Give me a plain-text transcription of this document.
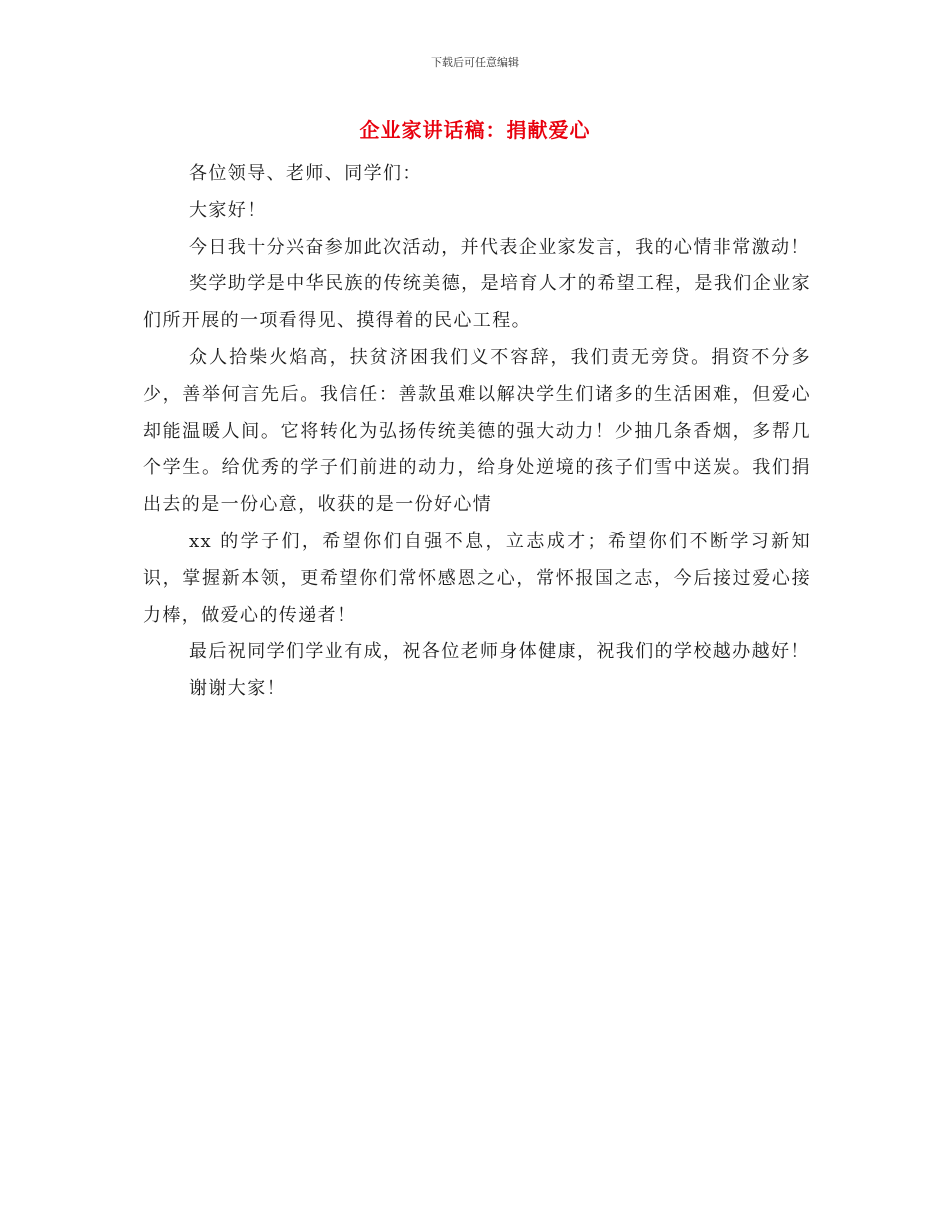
下载后可任意编辑
企业家讲话稿：捐献爱心

各位领导、老师、同学们：

大家好！

今日我十分兴奋参加此次活动，并代表企业家发言，我的心情非常激动！

奖学助学是中华民族的传统美德，是培育人才的希望工程，是我们企业家们所开展的一项看得见、摸得着的民心工程。

众人拾柴火焰高，扶贫济困我们义不容辞，我们责无旁贷。捐资不分多少，善举何言先后。我信任：善款虽难以解决学生们诸多的生活困难，但爱心却能温暖人间。它将转化为弘扬传统美德的强大动力！少抽几条香烟，多帮几个学生。给优秀的学子们前进的动力，给身处逆境的孩子们雪中送炭。我们捐出去的是一份心意，收获的是一份好心情

xx 的学子们，希望你们自强不息，立志成才；希望你们不断学习新知识，掌握新本领，更希望你们常怀感恩之心，常怀报国之志，今后接过爱心接力棒，做爱心的传递者！

最后祝同学们学业有成，祝各位老师身体健康，祝我们的学校越办越好！

谢谢大家！
